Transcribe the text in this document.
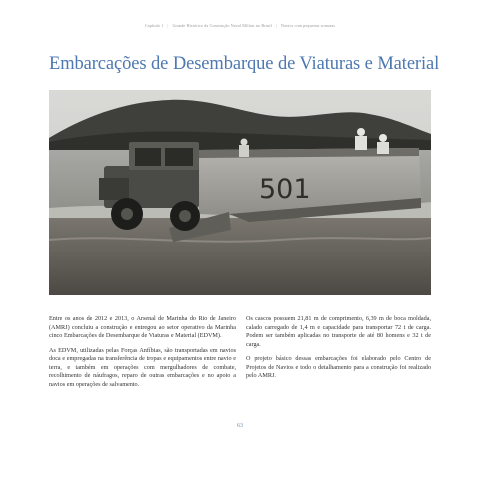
Capítulo 1 | Grande Histórico da Construção Naval Militar no Brasil | Navios com pequenas somaras
Embarcações de Desembarque de Viaturas e Material
501

Entre os anos de 2012 e 2013, o Arsenal de Marinha do Rio de Janeiro (AMRJ) concluiu a construção e entregou ao setor operativo da Marinha cinco Embarcações de Desembarque de Viaturas e Material (EDVM).

As EDVM, utilizadas pelas Forças Anfíbias, são transportadas em navios doca e empregadas na transferência de tropas e equipamentos entre navio e terra, e também em operações com mergulhadores de combate, recolhimento de náufragos, reparo de outras embarcações e no apoio a navios em operações de salvamento.

Os cascos possuem 21,81 m de comprimento, 6,39 m de boca moldada, calado carregado de 1,4 m e capacidade para transportar 72 t de carga. Podem ser também aplicadas no transporte de até 80 homens e 32 t de carga.

O projeto básico dessas embarcações foi elaborado pelo Centro de Projetos de Navios e todo o detalhamento para a construção foi realizado pelo AMRJ.

63
